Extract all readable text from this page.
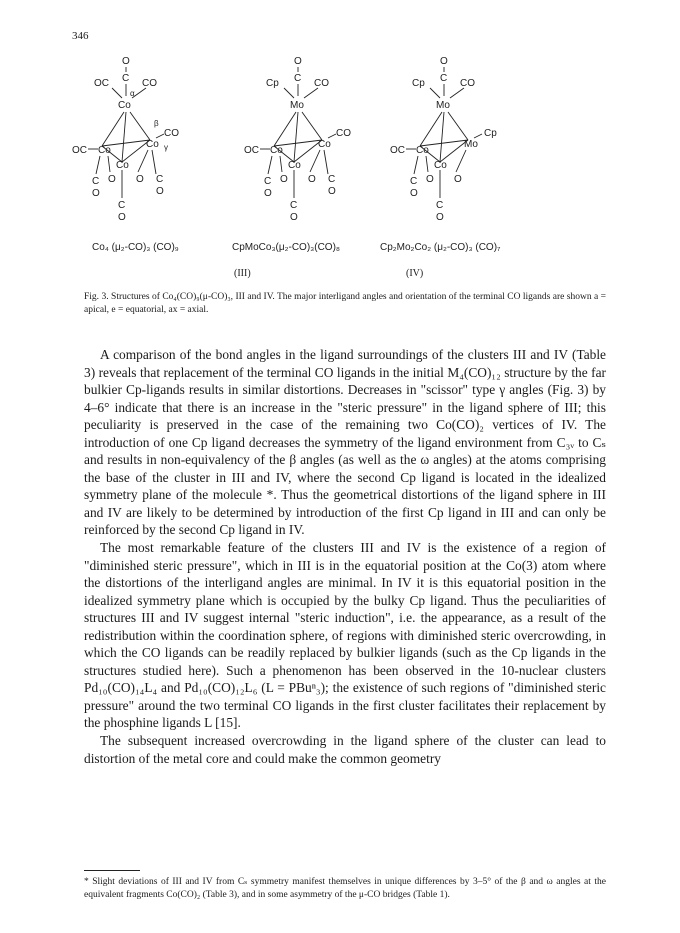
346
O
C
OC	CO
α
Co
β
CO
OC Co
Co γ
Co
C
O
O O C
O
C
O
O
C
Cp	CO
Mo
CO
OC Co
Co
Co
C
O
O O C
O
C
O
O
C
Cp	CO
Mo
Cp
OC Co
Mo
Co
C
O
O O
C
O
Co₄ (μ₂-CO)₃ (CO)₉	CpMoCo₃(μ₂-CO)₃(CO)₈	Cp₂Mo₂Co₂ (μ₂-CO)₃ (CO)₇
(III)	(IV)
Fig. 3. Structures of Co₄(CO)₉(μ-CO)₃, III and IV. The major interligand angles and orientation of the terminal CO ligands are shown a = apical, e = equatorial, ax = axial.

A comparison of the bond angles in the ligand surroundings of the clusters III and IV (Table 3) reveals that replacement of the terminal CO ligands in the initial M₄(CO)₁₂ structure by the far bulkier Cp-ligands results in similar distortions. Decreases in "scissor" type γ angles (Fig. 3) by 4–6° indicate that there is an increase in the "steric pressure" in the ligand sphere of III; this peculiarity is preserved in the case of the remaining two Co(CO)₂ vertices of IV. The introduction of one Cp ligand decreases the symmetry of the ligand environment from C₃ᵥ to Cₛ and results in non-equivalency of the β angles (as well as the ω angles) at the atoms comprising the base of the cluster in III and IV, where the second Cp ligand is located in the idealized symmetry plane of the molecule *. Thus the geometrical distortions of the ligand sphere in III and IV are likely to be determined by introduction of the first Cp ligand in III and can only be reinforced by the second Cp ligand in IV.

The most remarkable feature of the clusters III and IV is the existence of a region of "diminished steric pressure", which in III is in the equatorial position at the Co(3) atom where the distortions of the interligand angles are minimal. In IV it is this equatorial position in the idealized symmetry plane which is occupied by the bulky Cp ligand. Thus the peculiarities of structures III and IV suggest internal "steric induction", i.e. the appearance, as a result of the redistribution within the coordination sphere, of regions with diminished steric overcrowding, in which the CO ligands can be readily replaced by bulkier ligands (such as the Cp ligands in the structures studied here). Such a phenomenon has been observed in the 10-nuclear clusters Pd₁₀(CO)₁₄L₄ and Pd₁₀(CO)₁₂L₆ (L = PBuⁿ₃); the existence of such regions of "diminished steric pressure" around the two terminal CO ligands in the first cluster facilitates their replacement by the phosphine ligands L [15].

The subsequent increased overcrowding in the ligand sphere of the cluster can lead to distortion of the metal core and could make the common geometry

* Slight deviations of III and IV from Cₛ symmetry manifest themselves in unique differences by 3–5° of the β and ω angles at the equivalent fragments Co(CO)₂ (Table 3), and in some asymmetry of the μ-CO bridges (Table 1).
